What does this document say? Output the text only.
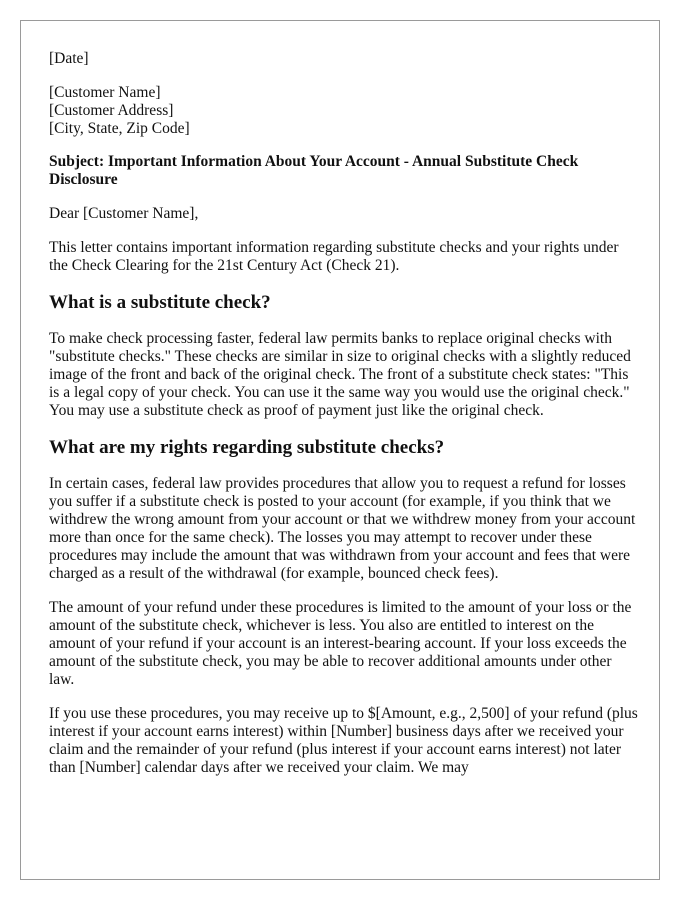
[Date]

[Customer Name]
[Customer Address]
[City, State, Zip Code]

Subject: Important Information About Your Account - Annual Substitute Check Disclosure

Dear [Customer Name],

This letter contains important information regarding substitute checks and your rights under the Check Clearing for the 21st Century Act (Check 21).

What is a substitute check?

To make check processing faster, federal law permits banks to replace original checks with "substitute checks." These checks are similar in size to original checks with a slightly reduced image of the front and back of the original check. The front of a substitute check states: "This is a legal copy of your check. You can use it the same way you would use the original check." You may use a substitute check as proof of payment just like the original check.

What are my rights regarding substitute checks?

In certain cases, federal law provides procedures that allow you to request a refund for losses you suffer if a substitute check is posted to your account (for example, if you think that we withdrew the wrong amount from your account or that we withdrew money from your account more than once for the same check). The losses you may attempt to recover under these procedures may include the amount that was withdrawn from your account and fees that were charged as a result of the withdrawal (for example, bounced check fees).

The amount of your refund under these procedures is limited to the amount of your loss or the amount of the substitute check, whichever is less. You also are entitled to interest on the amount of your refund if your account is an interest-bearing account. If your loss exceeds the amount of the substitute check, you may be able to recover additional amounts under other law.

If you use these procedures, you may receive up to $[Amount, e.g., 2,500] of your refund (plus interest if your account earns interest) within [Number] business days after we received your claim and the remainder of your refund (plus interest if your account earns interest) not later than [Number] calendar days after we received your claim. We may
